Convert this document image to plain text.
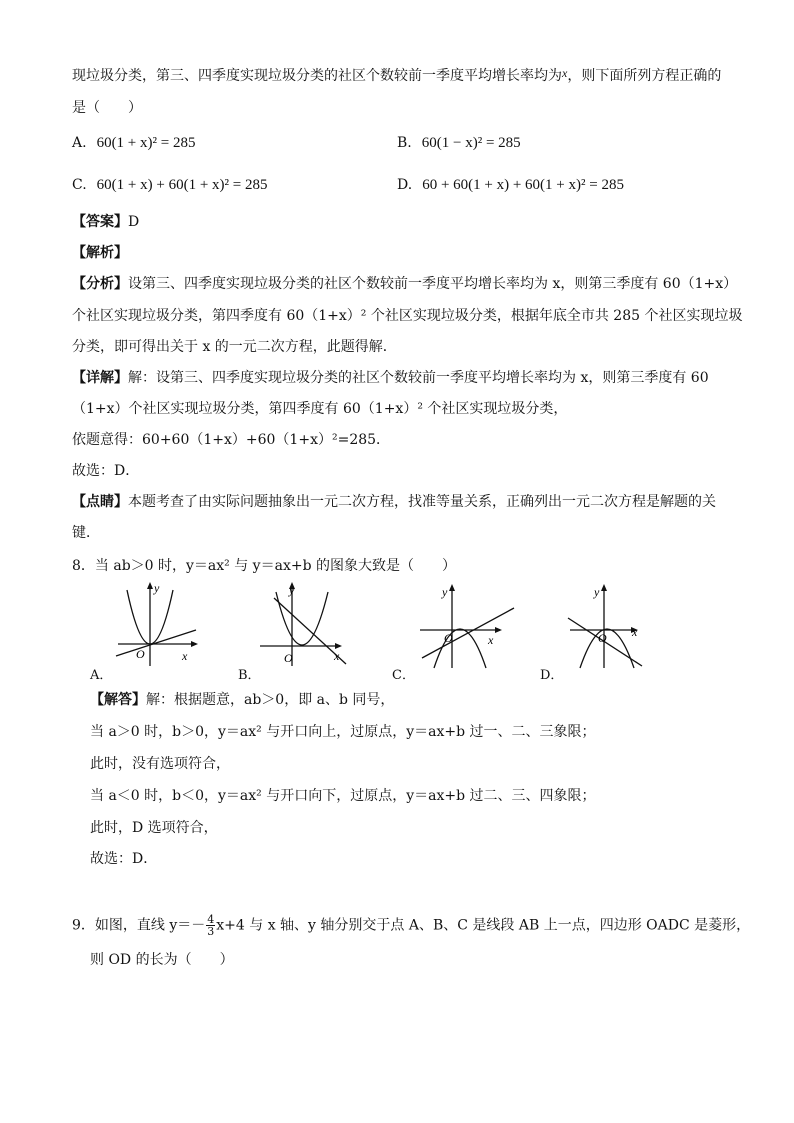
现垃圾分类，第三、四季度实现垃圾分类的社区个数较前一季度平均增长率均为x，则下面所列方程正确的
是（　　）
A. 60(1 + x)² = 285	B. 60(1 − x)² = 285
C. 60(1 + x) + 60(1 + x)² = 285	D. 60 + 60(1 + x) + 60(1 + x)² = 285
【答案】D
【解析】
【分析】设第三、四季度实现垃圾分类的社区个数较前一季度平均增长率均为 x，则第三季度有 60（1+x）
个社区实现垃圾分类，第四季度有 60（1+x）² 个社区实现垃圾分类，根据年底全市共 285 个社区实现垃圾
分类，即可得出关于 x 的一元二次方程，此题得解．
【详解】解：设第三、四季度实现垃圾分类的社区个数较前一季度平均增长率均为 x，则第三季度有 60
（1+x）个社区实现垃圾分类，第四季度有 60（1+x）² 个社区实现垃圾分类，
依题意得：60+60（1+x）+60（1+x）²=285．
故选：D．
【点睛】本题考查了由实际问题抽象出一元二次方程，找准等量关系，正确列出一元二次方程是解题的关
键．
8．当 ab＞0 时，y＝ax² 与 y＝ax+b 的图象大致是（　　）
y
x
O
A．
y
x
O
B．
y
x
O
C．
y
x
O
D．
【解答】解：根据题意，ab＞0，即 a、b 同号，
当 a＞0 时，b＞0，y＝ax² 与开口向上，过原点，y＝ax+b 过一、二、三象限；
此时，没有选项符合，
当 a＜0 时，b＜0，y＝ax² 与开口向下，过原点，y＝ax+b 过二、三、四象限；
此时，D 选项符合，
故选：D．
9．如图，直线 $y=- \frac{4}{3} x+4$ 与 x 轴、y 轴分别交于点 A、B、C 是线段 AB 上一点，四边形 OADC 是菱形，
则 OD 的长为（　　）
